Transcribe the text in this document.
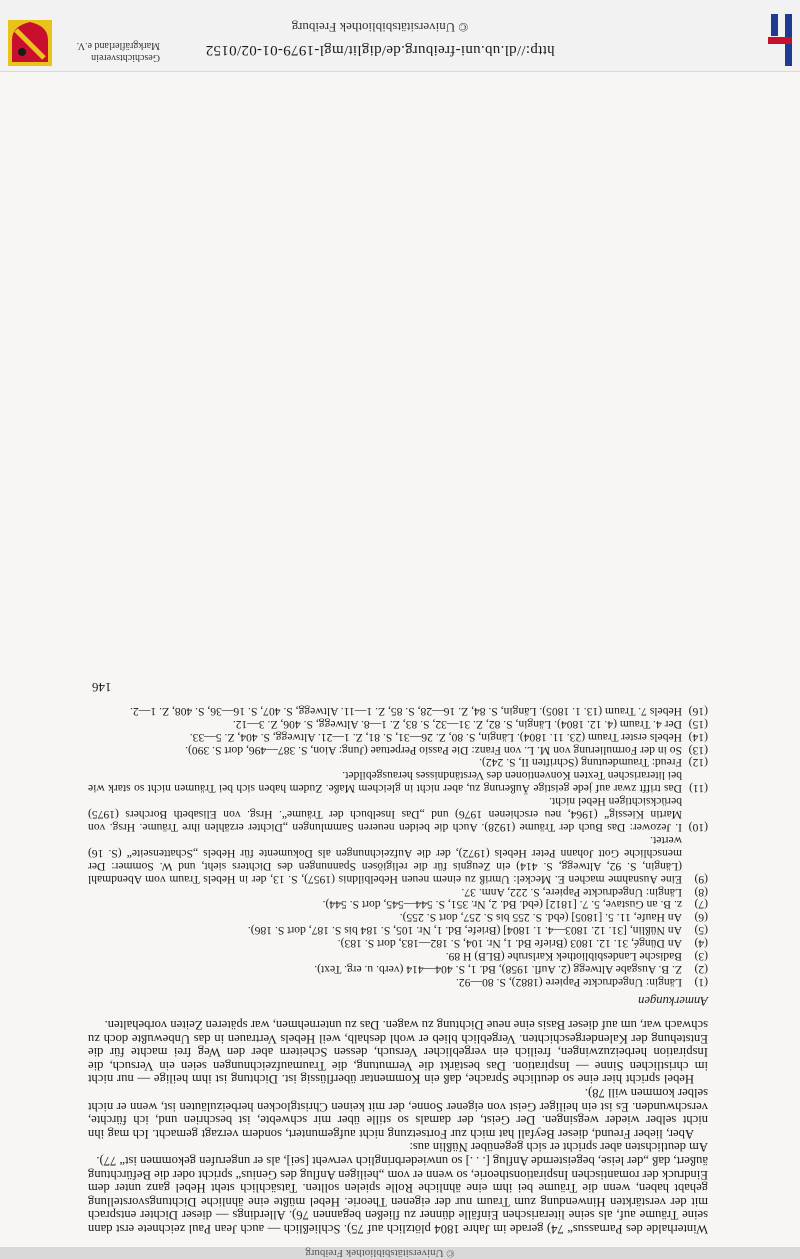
© Universitätsbibliothek Freiburg

Winterhalde des Parnassus“ 74) gerade im Jahre 1804 plötzlich auf 75). Schließlich — auch Jean Paul zeichnete erst dann seine Träume auf, als seine literarischen Einfälle dünner zu fließen begannen 76). Allerdings — dieser Dichter entsprach mit der verstärkten Hinwendung zum Traum nur der eigenen Theorie. Hebel müßte eine ähnliche Dichtungsvorstellung gehabt haben, wenn die Träume bei ihm eine ähnliche Rolle spielen sollten. Tatsächlich steht Hebel ganz unter dem Eindruck der romantischen Inspirationstheorie, so wenn er vom „heiligen Anflug des Genius“ spricht oder die Befürchtung äußert, daß „der leise, begeisternde Anflug [. . .] so unwiederbringlich verweht [sei], als er ungerufen gekommen ist“ 77).

Am deutlichsten aber spricht er sich gegenüber Nüßlin aus:

Aber, lieber Freund, dieser Beyfall hat mich zur Fortsetzung nicht aufgemuntert, sondern verzagt gemacht. Ich mag ihn nicht selber wieder wegsingen. Der Geist, der damals so stille über mir schwebte, ist beschrien und, ich fürchte, verschwunden. Es ist ein heiliger Geist von eigener Sonne, der mit keinen Christglocken herbeizuläuten ist, wenn er nicht selber kommen will 78).

Hebel spricht hier eine so deutliche Sprache, daß ein Kommentar überflüssig ist. Dichtung ist ihm heilige — nur nicht im christlichen Sinne — Inspiration. Das bestärkt die Vermutung, die Traumaufzeichnungen seien ein Versuch, die Inspiration herbeizuzwingen, freilich ein vergeblicher Versuch, dessen Scheitern aber den Weg frei machte für die Entstehung der Kalendergeschichten. Vergeblich blieb er wohl deshalb, weil Hebels Vertrauen in das Unbewußte doch zu schwach war, um auf dieser Basis eine neue Dichtung zu wagen. Das zu unternehmen, war späteren Zeiten vorbehalten.

Anmerkungen
(1)
Längin: Ungedruckte Papiere (1882), S. 80—92.
(2)
Z. B. Ausgabe Altwegg (2. Aufl. 1958), Bd. 1, S. 404—414 (verb. u. erg. Text).
(3)
Badische Landesbibliothek Karlsruhe (BLB) H 89.
(4)
An Düngé, 31. 12. 1803 (Briefe Bd. 1, Nr. 104, S. 182—183, dort S. 183).
(5)
An Nüßlin, [31. 12. 1803—4. 1. 1804] (Briefe, Bd. 1, Nr. 105, S. 184 bis S. 187, dort S. 186).
(6)
An Haufe, 11. 5. [1805] (ebd. S. 255 bis S. 257, dort S. 255).
(7)
z. B. an Gustave, 5. 7. [1812] (ebd. Bd. 2, Nr. 351, S. 544—545, dort S. 544).
(8)
Längin: Ungedruckte Papiere, S. 222, Anm. 37.
(9)
Eine Ausnahme machen E. Meckel: Umriß zu einem neuen Hebelbildnis (1957), S. 13, der in Hebels Traum vom Abendmahl (Längin, S. 92, Altwegg, S. 414) ein Zeugnis für die religiösen Spannungen des Dichters sieht, und W. Sommer: Der menschliche Gott Johann Peter Hebels (1972), der die Aufzeichnungen als Dokumente für Hebels „Schattenseite“ (S. 16) wertet.
(10)
I. Jezower: Das Buch der Träume (1928). Auch die beiden neueren Sammlungen „Dichter erzählen ihre Träume. Hrsg. von Martin Kiessig“ (1964, neu erschienen 1976) und „Das Inselbuch der Träume“. Hrsg. von Elisabeth Borchers (1975) berücksichtigen Hebel nicht.
(11)
Das trifft zwar auf jede geistige Äußerung zu, aber nicht in gleichem Maße. Zudem haben sich bei Träumen nicht so stark wie bei literarischen Texten Konventionen des Verständnisses herausgebildet.
(12)
Freud: Traumdeutung (Schriften II, S. 242).
(13)
So in der Formulierung von M. L. von Franz: Die Passio Perpetuae (Jung: Aion, S. 387—496, dort S. 390).
(14)
Hebels erster Traum (23. 11. 1804). Längin, S. 80, Z. 26—31, S. 81, Z. 1—21. Altwegg, S. 404, Z. 5—33.
(15)
Der 4. Traum (4. 12. 1804). Längin, S. 82, Z. 31—32, S. 83, Z. 1—8. Altwegg, S. 406, Z. 3—12.
(16)
Hebels 7. Traum (13. 1. 1805). Längin, S. 84, Z. 16—28, S. 85, Z. 1—11. Altwegg, S. 407, S. 16—36, S. 408, Z. 1—2.
146
http://dl.ub.uni-freiburg.de/diglit/mgl-1979-01-02/0152
© Universitätsbibliothek Freiburg
Geschichtsverein Markgräflerland e.V.
